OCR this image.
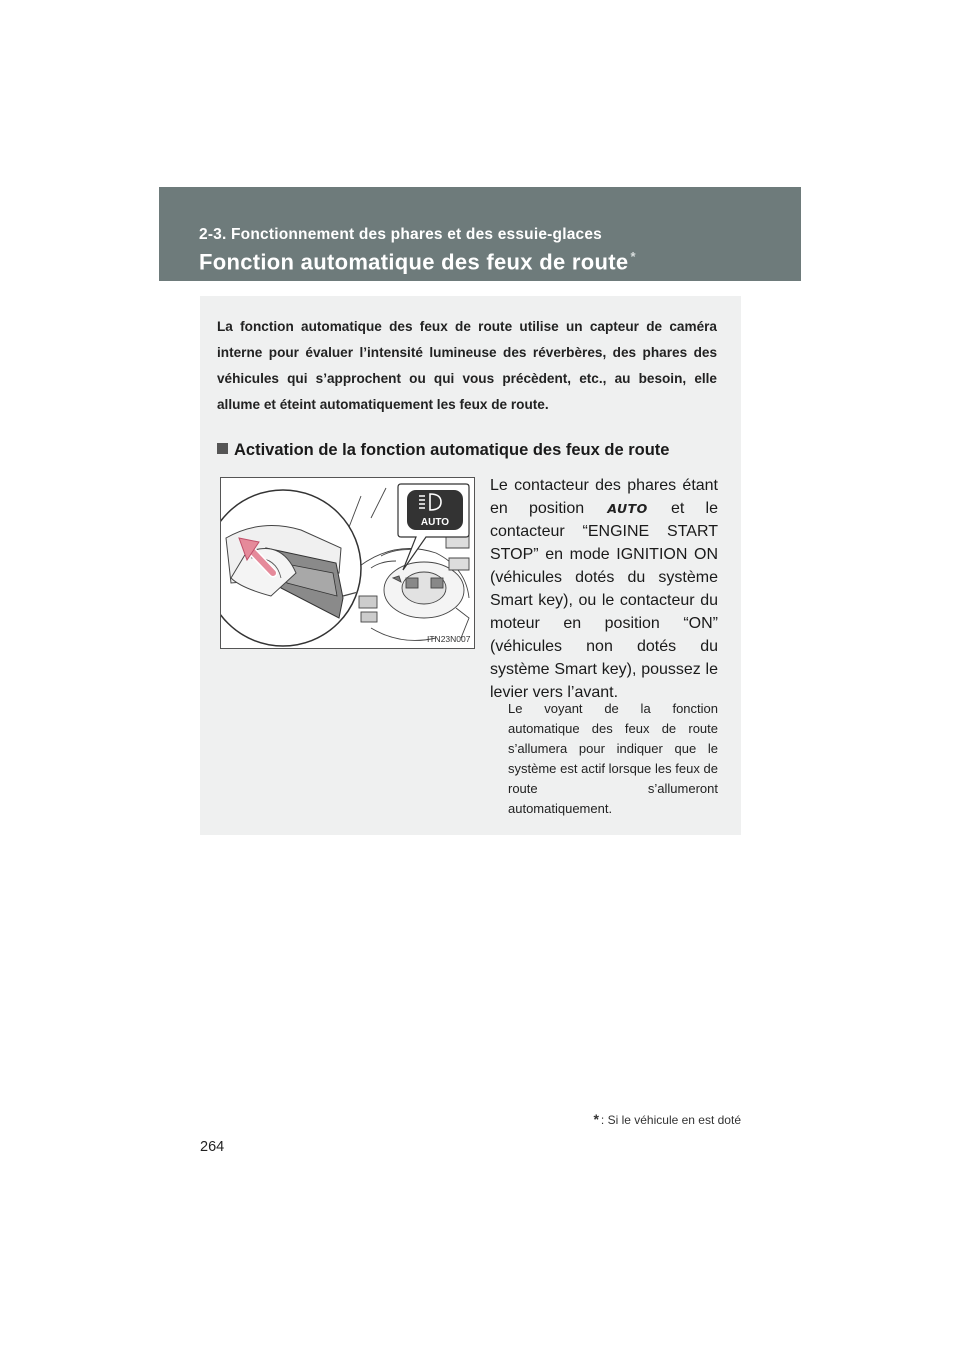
2-3. Fonctionnement des phares et des essuie-glaces
Fonction automatique des feux de route *
La fonction automatique des feux de route utilise un capteur de caméra interne pour évaluer l’intensité lumineuse des réverbères, des phares des véhicules qui s’approchent ou qui vous précèdent, etc., au besoin, elle allume et éteint automatiquement les feux de route.
Activation de la fonction automatique des feux de route
AUTO
ITN23N007
Le contacteur des phares étant en position AUTO et le contacteur “ENGINE START STOP” en mode IGNITION ON (véhicules dotés du système Smart key), ou le contacteur du moteur en position “ON” (véhicules non dotés du système Smart key), poussez le levier vers l’avant.
Le voyant de la fonction automatique des feux de route s’allumera pour indiquer que le système est actif lorsque les feux de route s’allumeront automatiquement.
* : Si le véhicule en est doté
264
